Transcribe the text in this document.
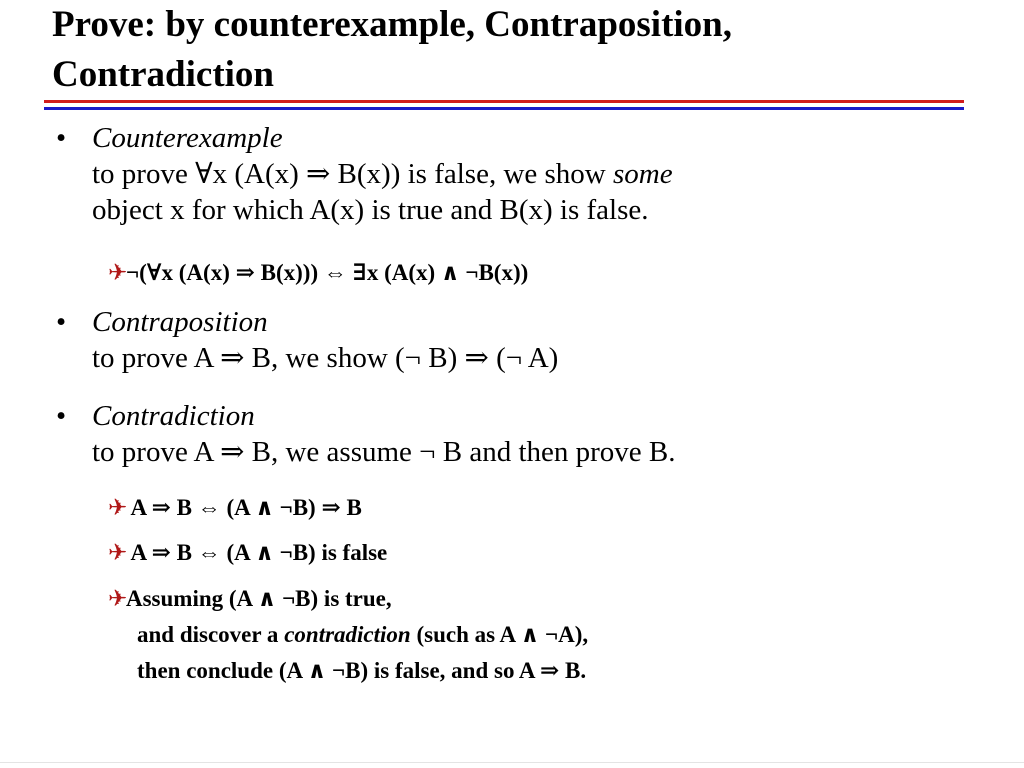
Prove: by counterexample, Contraposition,
Contradiction
• Counterexample
to prove ∀x (A(x) ⇒ B(x)) is false, we show some
object x for which A(x) is true and B(x) is false.
✈¬(∀x (A(x) ⇒ B(x))) ⇔ ∃x (A(x) ∧ ¬B(x))
• Contraposition
to prove A ⇒ B, we show (¬ B) ⇒ (¬ A)
• Contradiction
to prove A ⇒ B, we assume ¬ B and then prove B.
✈ A ⇒ B ⇔ (A ∧ ¬B) ⇒ B
✈ A ⇒ B ⇔ (A ∧ ¬B) is false
✈Assuming (A ∧ ¬B) is true,
and discover a contradiction (such as A ∧ ¬A),
then conclude (A ∧ ¬B) is false, and so A ⇒ B.
